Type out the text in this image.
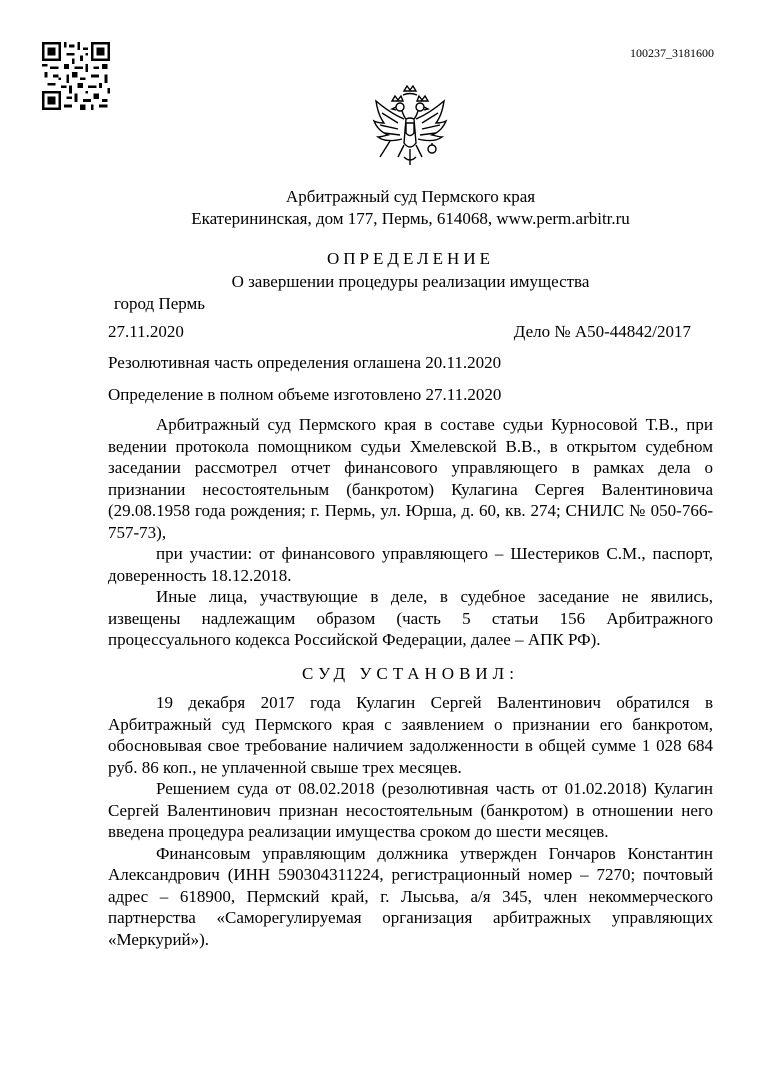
100237_3181600
Арбитражный суд Пермского края
Екатерининская, дом 177, Пермь, 614068, www.perm.arbitr.ru
ОПРЕДЕЛЕНИЕ
О завершении процедуры реализации имущества
город Пермь
27.11.2020	Дело № А50-44842/2017
Резолютивная часть определения оглашена 20.11.2020
Определение в полном объеме изготовлено 27.11.2020

Арбитражный суд Пермского края в составе судьи Курносовой Т.В., при ведении протокола помощником судьи Хмелевской В.В., в открытом судебном заседании рассмотрел отчет финансового управляющего в рамках дела о признании несостоятельным (банкротом) Кулагина Сергея Валентиновича (29.08.1958 года рождения; г. Пермь, ул. Юрша, д. 60, кв. 274; СНИЛС № 050-766-757-73),

при участии: от финансового управляющего – Шестериков С.М., паспорт, доверенность 18.12.2018.

Иные лица, участвующие в деле, в судебное заседание не явились, извещены надлежащим образом (часть 5 статьи 156 Арбитражного процессуального кодекса Российской Федерации, далее – АПК РФ).

СУД УСТАНОВИЛ:

19 декабря 2017 года Кулагин Сергей Валентинович обратился в Арбитражный суд Пермского края с заявлением о признании его банкротом, обосновывая свое требование наличием задолженности в общей сумме 1 028 684 руб. 86 коп., не уплаченной свыше трех месяцев.

Решением суда от 08.02.2018 (резолютивная часть от 01.02.2018) Кулагин Сергей Валентинович признан несостоятельным (банкротом) в отношении него введена процедура реализации имущества сроком до шести месяцев.

Финансовым управляющим должника утвержден Гончаров Константин Александрович (ИНН 590304311224, регистрационный номер – 7270; почтовый адрес – 618900, Пермский край, г. Лысьва, а/я 345, член некоммерческого партнерства «Саморегулируемая организация арбитражных управляющих «Меркурий»).
